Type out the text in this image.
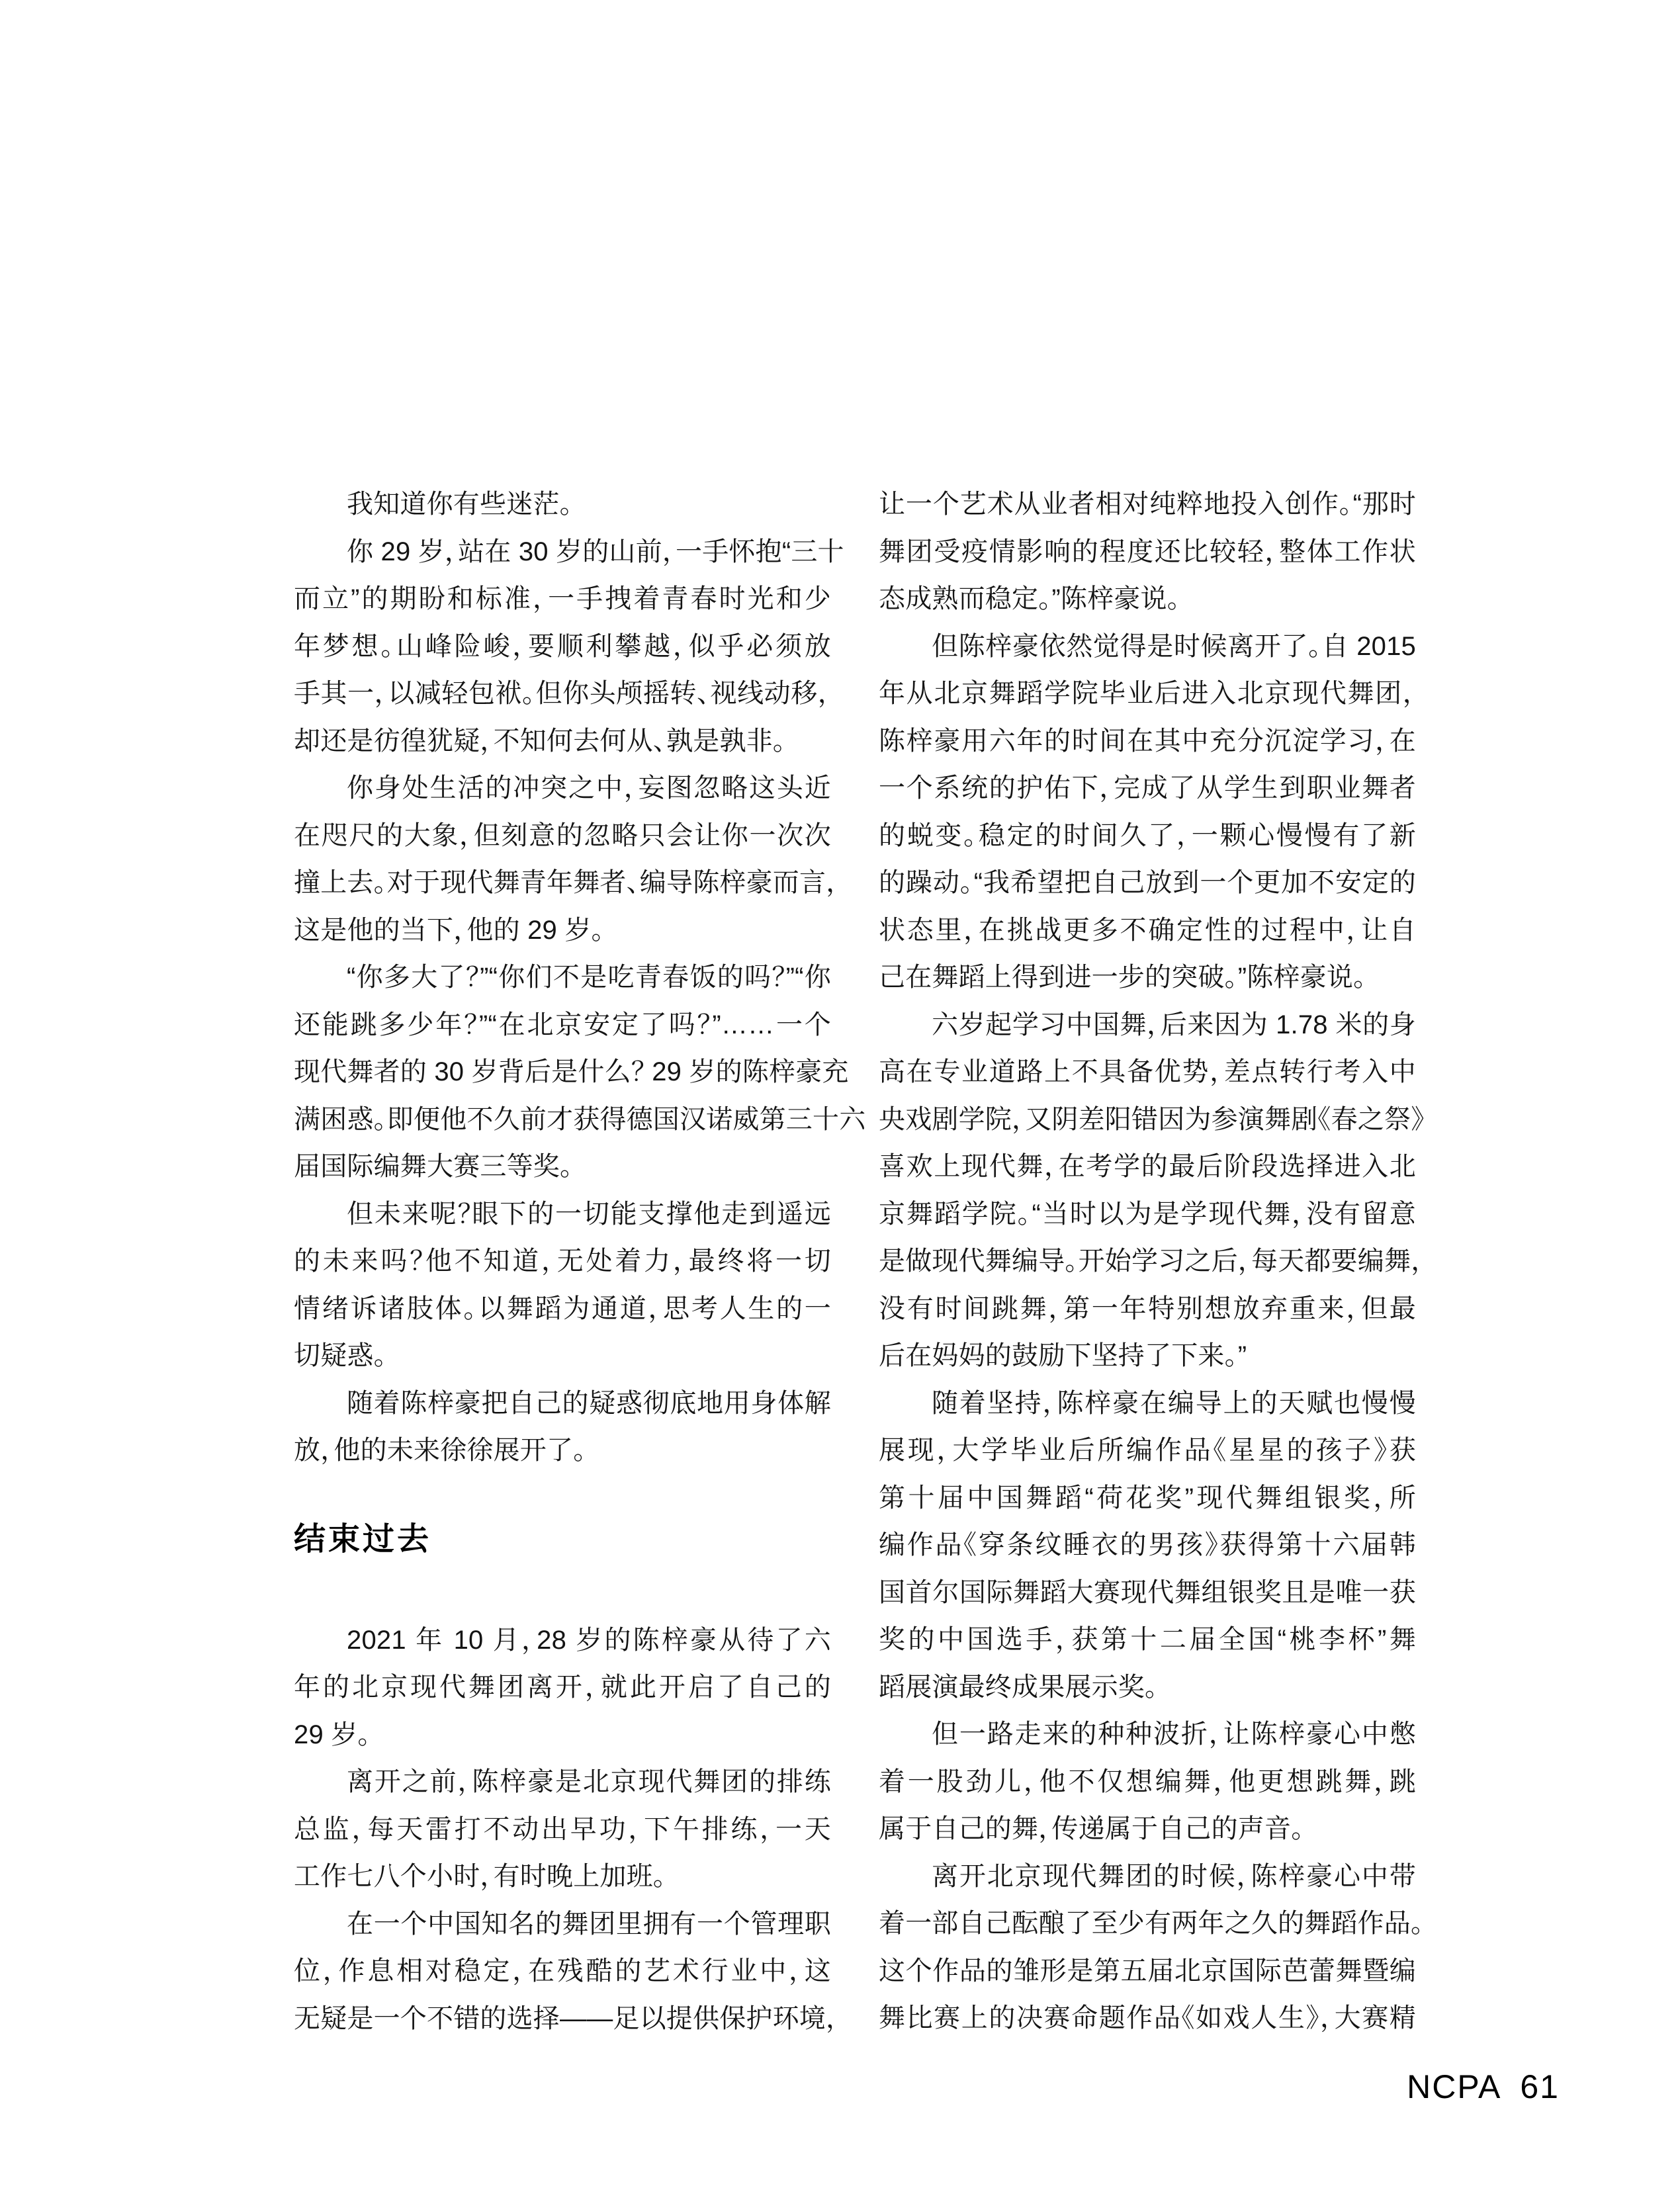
我知道你有些迷茫。

你 29 岁，站在 30 岁的山前，一手怀抱“三十

而立”的期盼和标准，一手拽着青春时光和少

年梦想。山峰险峻，要顺利攀越，似乎必须放

手其一，以减轻包袱。但你头颅摇转、视线动移，

却还是彷徨犹疑，不知何去何从、孰是孰非。

你身处生活的冲突之中，妄图忽略这头近

在咫尺的大象，但刻意的忽略只会让你一次次

撞上去。对于现代舞青年舞者、编导陈梓豪而言，

这是他的当下，他的 29 岁。

“你多大了？”“你们不是吃青春饭的吗？”“你

还能跳多少年？”“在北京安定了吗？”……一个

现代舞者的 30 岁背后是什么？ 29 岁的陈梓豪充

满困惑。即便他不久前才获得德国汉诺威第三十六

届国际编舞大赛三等奖。

但未来呢？眼下的一切能支撑他走到遥远

的未来吗？他不知道，无处着力，最终将一切

情绪诉诸肢体。以舞蹈为通道，思考人生的一

切疑惑。

随着陈梓豪把自己的疑惑彻底地用身体解

放，他的未来徐徐展开了。

结束过去

2021 年 10 月，28 岁的陈梓豪从待了六

年的北京现代舞团离开，就此开启了自己的

29 岁。

离开之前，陈梓豪是北京现代舞团的排练

总监，每天雷打不动出早功，下午排练，一天

工作七八个小时，有时晚上加班。

在一个中国知名的舞团里拥有一个管理职

位，作息相对稳定，在残酷的艺术行业中，这

无疑是一个不错的选择——足以提供保护环境，

让一个艺术从业者相对纯粹地投入创作。“那时

舞团受疫情影响的程度还比较轻，整体工作状

态成熟而稳定。”陈梓豪说。

但陈梓豪依然觉得是时候离开了。自 2015

年从北京舞蹈学院毕业后进入北京现代舞团，

陈梓豪用六年的时间在其中充分沉淀学习，在

一个系统的护佑下，完成了从学生到职业舞者

的蜕变。稳定的时间久了，一颗心慢慢有了新

的躁动。“我希望把自己放到一个更加不安定的

状态里，在挑战更多不确定性的过程中，让自

己在舞蹈上得到进一步的突破。”陈梓豪说。

六岁起学习中国舞，后来因为 1.78 米的身

高在专业道路上不具备优势，差点转行考入中

央戏剧学院，又阴差阳错因为参演舞剧《春之祭》

喜欢上现代舞，在考学的最后阶段选择进入北

京舞蹈学院。“当时以为是学现代舞，没有留意

是做现代舞编导。开始学习之后，每天都要编舞，

没有时间跳舞，第一年特别想放弃重来，但最

后在妈妈的鼓励下坚持了下来。”

随着坚持，陈梓豪在编导上的天赋也慢慢

展现，大学毕业后所编作品《星星的孩子》获

第十届中国舞蹈“荷花奖”现代舞组银奖，所

编作品《穿条纹睡衣的男孩》获得第十六届韩

国首尔国际舞蹈大赛现代舞组银奖且是唯一获

奖的中国选手，获第十二届全国“桃李杯”舞

蹈展演最终成果展示奖。

但一路走来的种种波折，让陈梓豪心中憋

着一股劲儿，他不仅想编舞，他更想跳舞，跳

属于自己的舞，传递属于自己的声音。

离开北京现代舞团的时候，陈梓豪心中带

着一部自己酝酿了至少有两年之久的舞蹈作品。

这个作品的雏形是第五届北京国际芭蕾舞暨编

舞比赛上的决赛命题作品《如戏人生》，大赛精

NCPA 61
